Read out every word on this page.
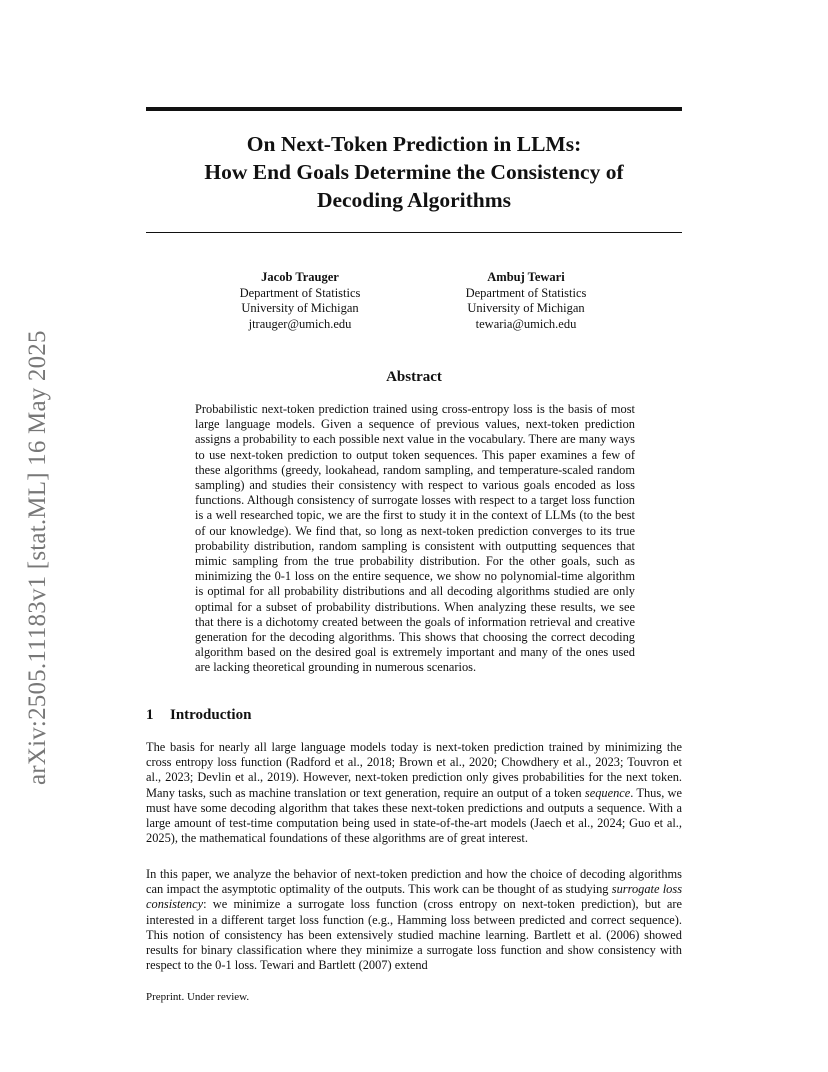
arXiv:2505.11183v1 [stat.ML] 16 May 2025
On Next-Token Prediction in LLMs:
How End Goals Determine the Consistency of
Decoding Algorithms
Jacob Trauger
Department of Statistics
University of Michigan
jtrauger@umich.edu
Ambuj Tewari
Department of Statistics
University of Michigan
tewaria@umich.edu
Abstract
Probabilistic next-token prediction trained using cross-entropy loss is the basis of most large language models. Given a sequence of previous values, next-token prediction assigns a probability to each possible next value in the vocabulary. There are many ways to use next-token prediction to output token sequences. This paper examines a few of these algorithms (greedy, lookahead, random sampling, and temperature-scaled random sampling) and studies their consistency with respect to various goals encoded as loss functions. Although consistency of surrogate losses with respect to a target loss function is a well researched topic, we are the first to study it in the context of LLMs (to the best of our knowledge). We find that, so long as next-token prediction converges to its true probability distribution, random sampling is consistent with outputting sequences that mimic sampling from the true probability distribution. For the other goals, such as minimizing the 0-1 loss on the entire sequence, we show no polynomial-time algorithm is optimal for all probability distributions and all decoding algorithms studied are only optimal for a subset of probability distributions. When analyzing these results, we see that there is a dichotomy created between the goals of information retrieval and creative generation for the decoding algorithms. This shows that choosing the correct decoding algorithm based on the desired goal is extremely important and many of the ones used are lacking theoretical grounding in numerous scenarios.
1 Introduction
The basis for nearly all large language models today is next-token prediction trained by minimizing the cross entropy loss function (Radford et al., 2018; Brown et al., 2020; Chowdhery et al., 2023; Touvron et al., 2023; Devlin et al., 2019). However, next-token prediction only gives probabilities for the next token. Many tasks, such as machine translation or text generation, require an output of a token sequence. Thus, we must have some decoding algorithm that takes these next-token predictions and outputs a sequence. With a large amount of test-time computation being used in state-of-the-art models (Jaech et al., 2024; Guo et al., 2025), the mathematical foundations of these algorithms are of great interest.
In this paper, we analyze the behavior of next-token prediction and how the choice of decoding algorithms can impact the asymptotic optimality of the outputs. This work can be thought of as studying surrogate loss consistency: we minimize a surrogate loss function (cross entropy on next-token prediction), but are interested in a different target loss function (e.g., Hamming loss between predicted and correct sequence). This notion of consistency has been extensively studied machine learning. Bartlett et al. (2006) showed results for binary classification where they minimize a surrogate loss function and show consistency with respect to the 0-1 loss. Tewari and Bartlett (2007) extend
Preprint. Under review.
